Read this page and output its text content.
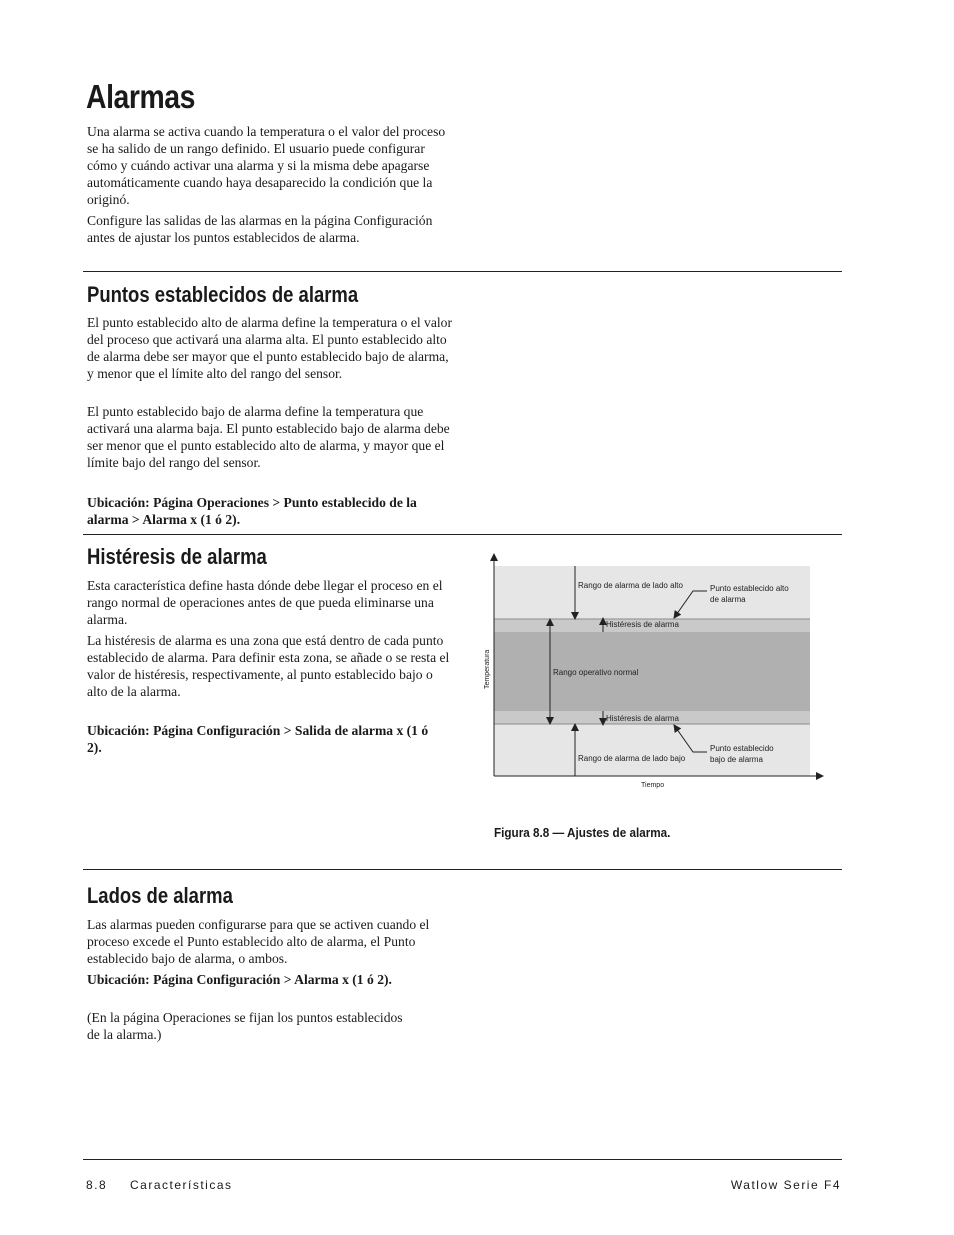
Alarmas

Una alarma se activa cuando la temperatura o el valor del proceso se ha salido de un rango definido. El usuario puede configurar cómo y cuándo activar una alarma y si la misma debe apagarse automáticamente cuando haya desaparecido la condición que la originó.

Configure las salidas de las alarmas en la página Configuración antes de ajustar los puntos establecidos de alarma.

Puntos establecidos de alarma

El punto establecido alto de alarma define la temperatura o el valor del proceso que activará una alarma alta. El punto establecido alto de alarma debe ser mayor que el punto establecido bajo de alarma, y menor que el límite alto del rango del sensor.

El punto establecido bajo de alarma define la temperatura que activará una alarma baja. El punto establecido bajo de alarma debe ser menor que el punto establecido alto de alarma, y mayor que el límite bajo del rango del sensor.

Ubicación: Página Operaciones > Punto establecido de la alarma > Alarma x (1 ó 2).

Histéresis de alarma

Esta característica define hasta dónde debe llegar el proceso en el rango normal de operaciones antes de que pueda eliminarse una alarma.

La histéresis de alarma es una zona que está dentro de cada punto establecido de alarma. Para definir esta zona, se añade o se resta el valor de histéresis, respectivamente, al punto establecido bajo o alto de la alarma.

Ubicación: Página Configuración > Salida de alarma x (1 ó 2).

Rango de alarma de lado alto	Punto establecido alto
de alarma
Histéresis de alarma
Rango operativo normal
Histéresis de alarma
Rango de alarma de lado bajo
Punto establecido
bajo de alarma
Temperatura
Tiempo
Figura 8.8 — Ajustes de alarma.
Lados de alarma

Las alarmas pueden configurarse para que se activen cuando el proceso excede el Punto establecido alto de alarma, el Punto establecido bajo de alarma, o ambos.

Ubicación: Página Configuración > Alarma x (1 ó 2).

(En la página Operaciones se fijan los puntos establecidos de la alarma.)

8.8 Características	Watlow Serie F4
